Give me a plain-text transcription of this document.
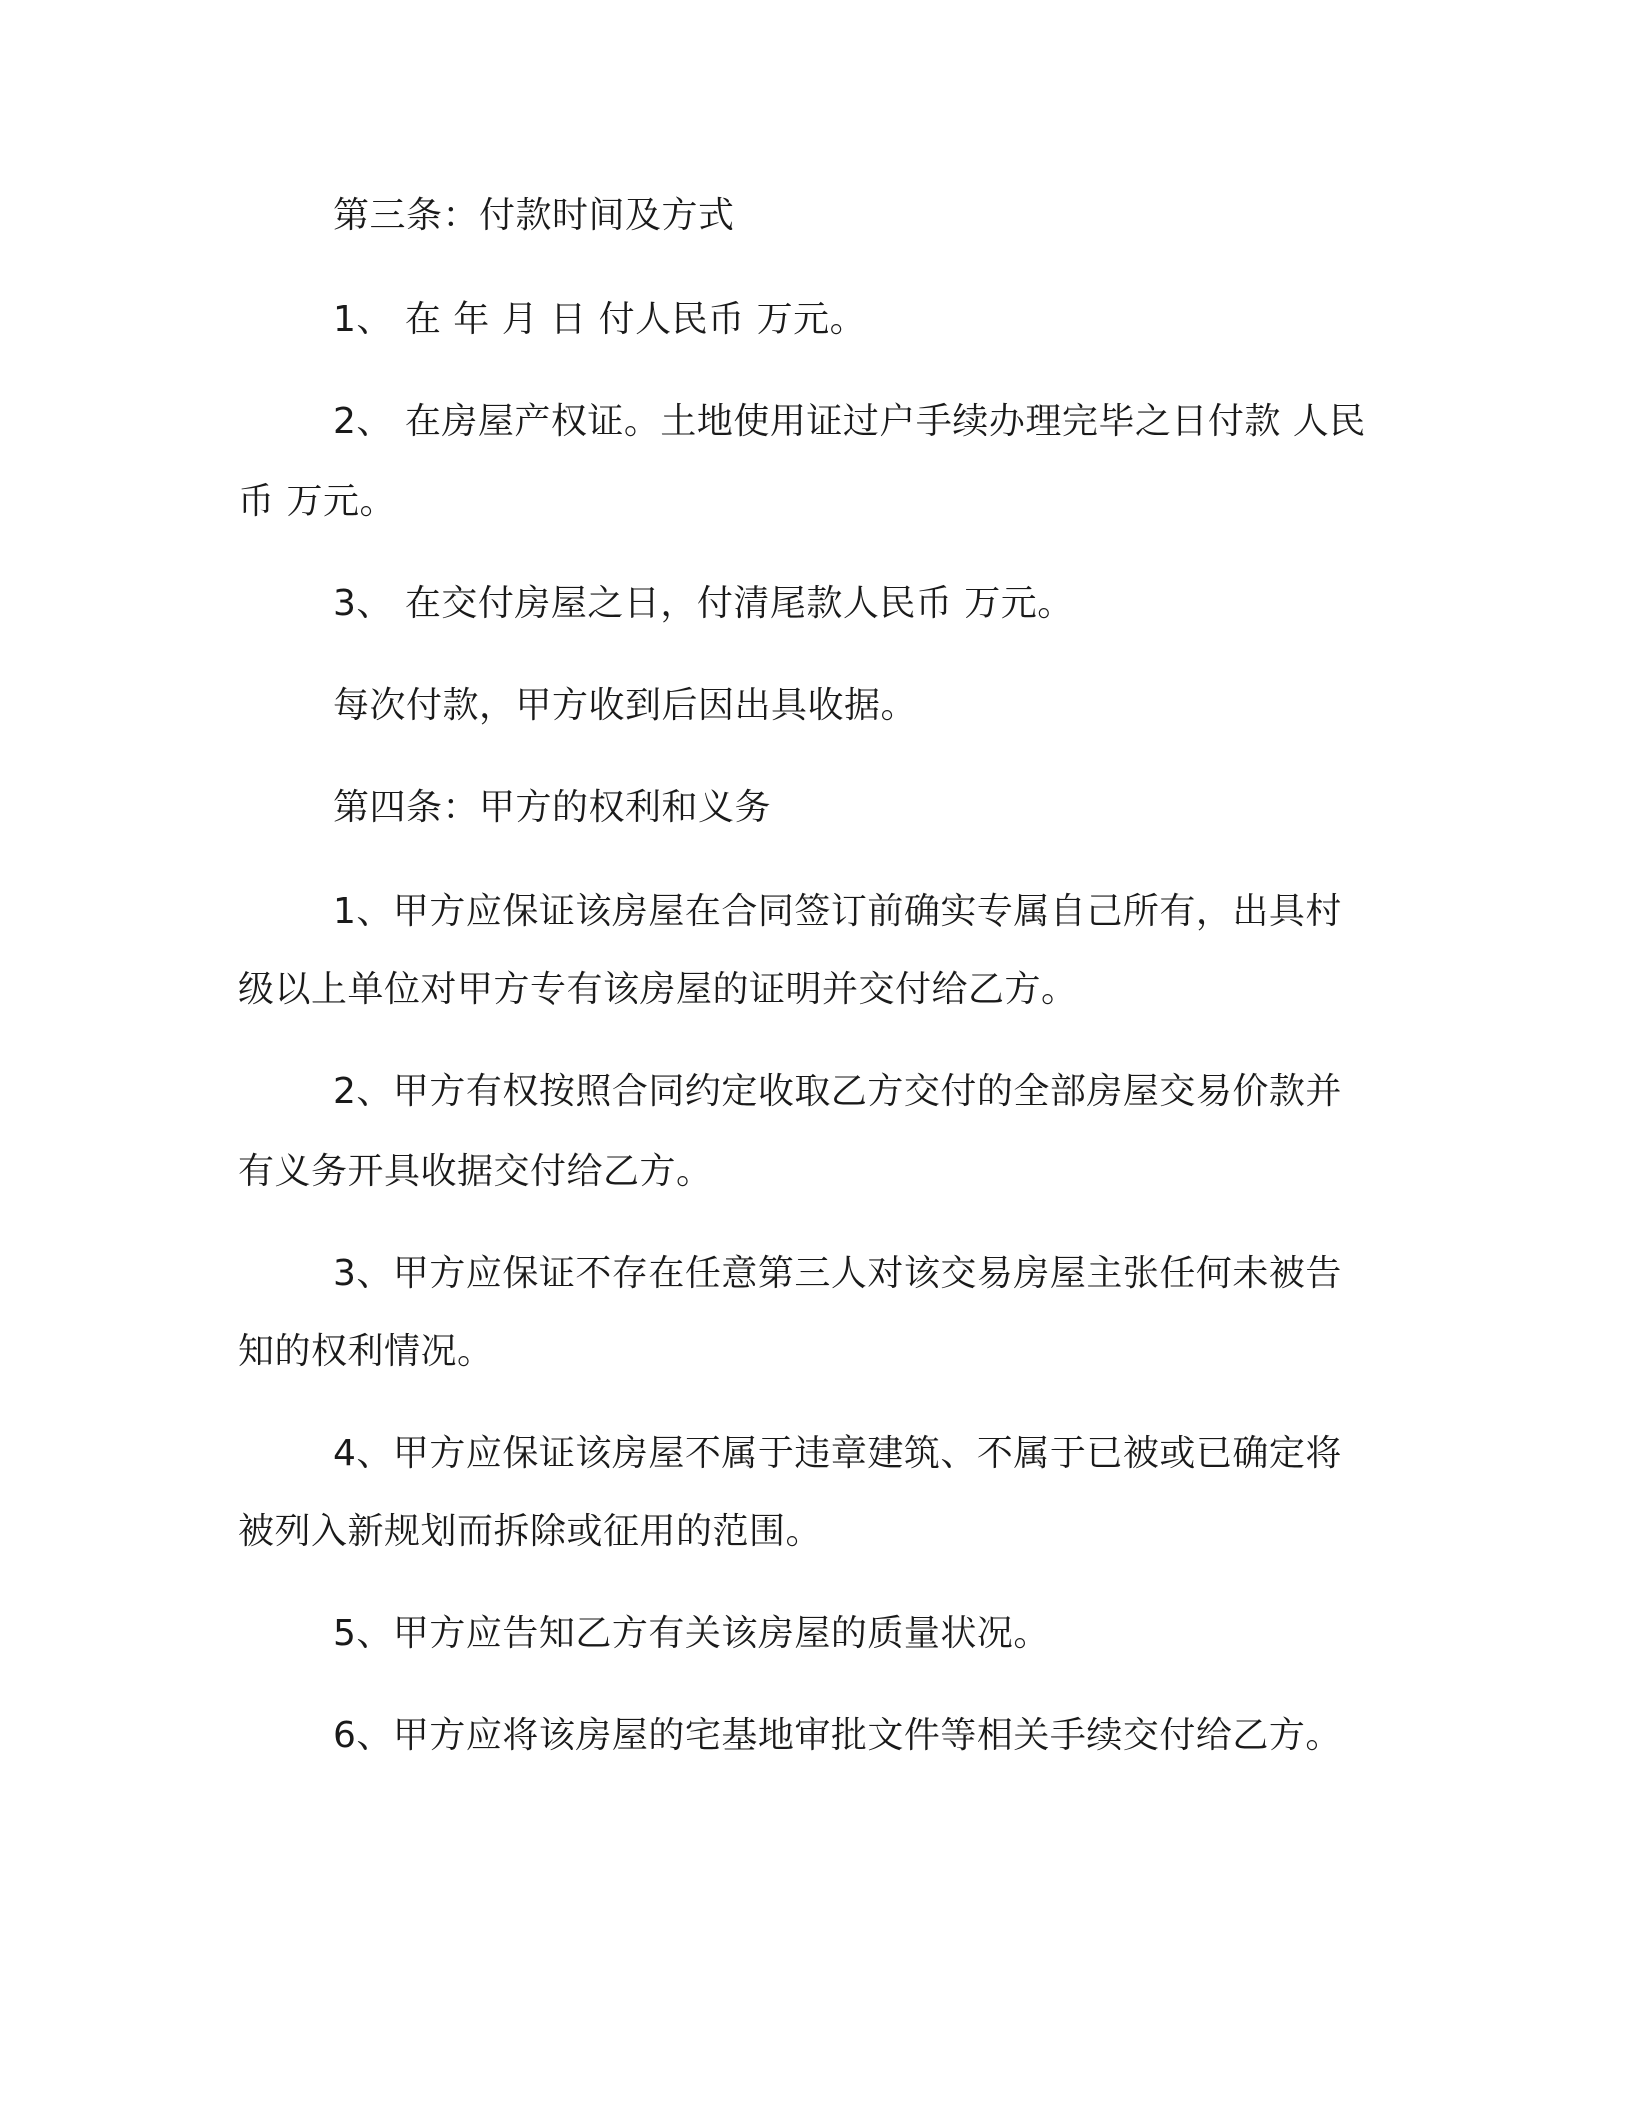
第三条：付款时间及方式

1、 在 年 月 日 付人民币 万元。

2、 在房屋产权证。土地使用证过户手续办理完毕之日付款 人民

币 万元。

3、 在交付房屋之日，付清尾款人民币 万元。

每次付款，甲方收到后因出具收据。

第四条：甲方的权利和义务

1、甲方应保证该房屋在合同签订前确实专属自己所有，出具村

级以上单位对甲方专有该房屋的证明并交付给乙方。

2、甲方有权按照合同约定收取乙方交付的全部房屋交易价款并

有义务开具收据交付给乙方。

3、甲方应保证不存在任意第三人对该交易房屋主张任何未被告

知的权利情况。

4、甲方应保证该房屋不属于违章建筑、不属于已被或已确定将

被列入新规划而拆除或征用的范围。

5、甲方应告知乙方有关该房屋的质量状况。

6、甲方应将该房屋的宅基地审批文件等相关手续交付给乙方。
